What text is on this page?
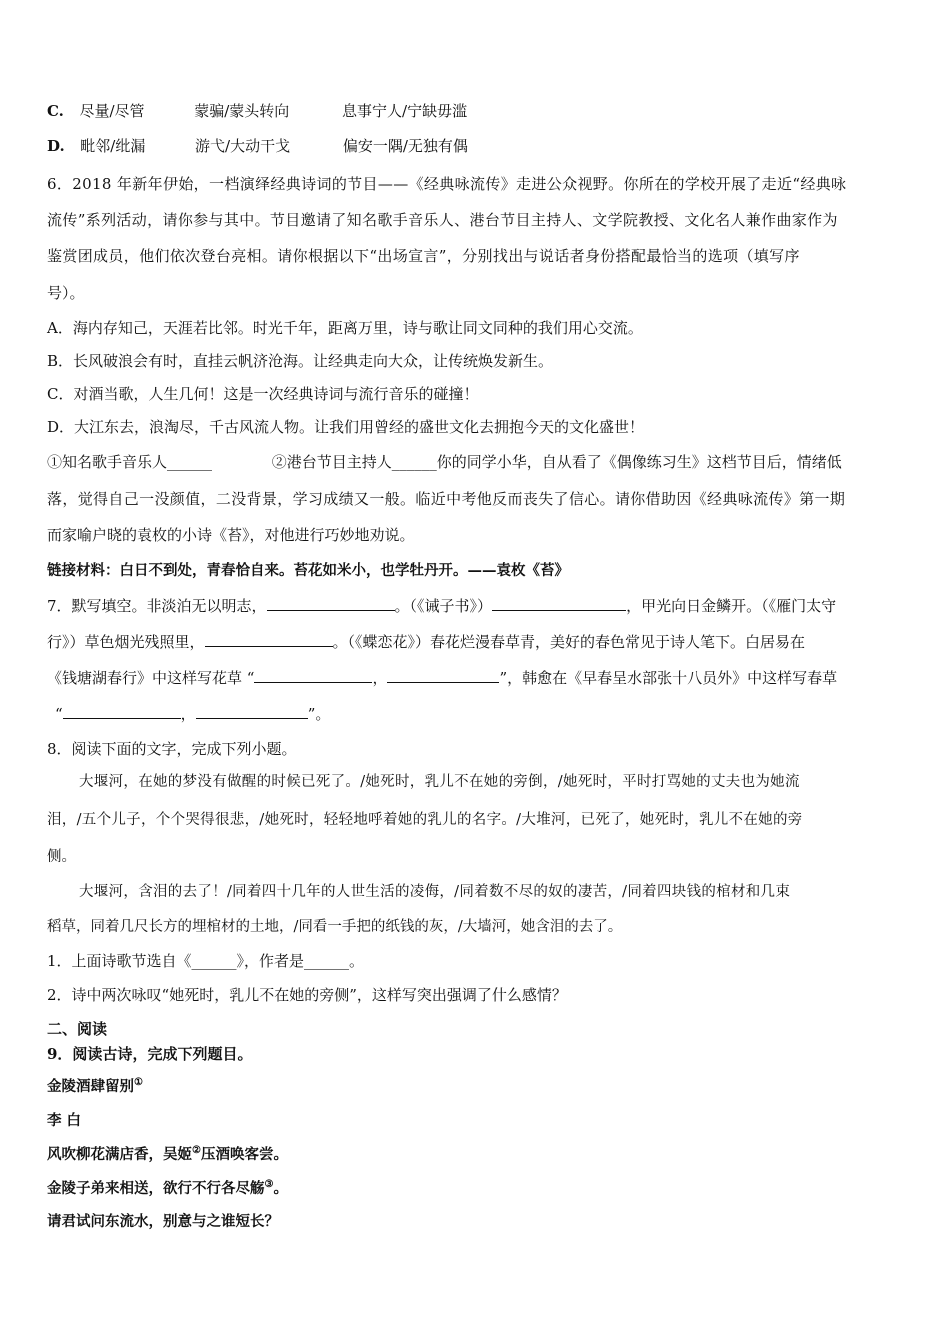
C. 尽量/尽管	蒙骗/蒙头转向	息事宁人/宁缺毋滥
D. 毗邻/纰漏	游弋/大动干戈	偏安一隅/无独有偶
6．2018 年新年伊始，一档演绎经典诗词的节目——《经典咏流传》走进公众视野。你所在的学校开展了走近“经典咏
流传”系列活动，请你参与其中。节目邀请了知名歌手音乐人、港台节目主持人、文学院教授、文化名人兼作曲家作为
鉴赏团成员，他们依次登台亮相。请你根据以下“出场宣言”，分别找出与说话者身份搭配最恰当的选项（填写序
号）。
A．海内存知己，天涯若比邻。时光千年，距离万里，诗与歌让同文同种的我们用心交流。
B．长风破浪会有时，直挂云帆济沧海。让经典走向大众，让传统焕发新生。
C．对酒当歌，人生几何！这是一次经典诗词与流行音乐的碰撞！
D．大江东去，浪淘尽，千古风流人物。让我们用曾经的盛世文化去拥抱今天的文化盛世！
①知名歌手音乐人______	②港台节目主持人______你的同学小华，自从看了《偶像练习生》这档节目后，情绪低
落，觉得自己一没颜值，二没背景，学习成绩又一般。临近中考他反而丧失了信心。请你借助因《经典咏流传》第一期
而家喻户晓的袁枚的小诗《苔》，对他进行巧妙地劝说。
链接材料：白日不到处，青春恰自来。苔花如米小，也学牡丹开。——袁枚《苔》
7．默写填空。非淡泊无以明志，	。（《诫子书》）	，甲光向日金鳞开。（《雁门太守
行》）草色烟光残照里，	。（《蝶恋花》）春花烂漫春草青，美好的春色常见于诗人笔下。白居易在
《钱塘湖春行》中这样写花草 “	，	”，韩愈在《早春呈水部张十八员外》中这样写春草
“	，	”。
8．阅读下面的文字，完成下列小题。
大堰河，在她的梦没有做醒的时候已死了。/她死时，乳儿不在她的旁倒，/她死时，平时打骂她的丈夫也为她流
泪，/五个儿子，个个哭得很悲，/她死时，轻轻地呼着她的乳儿的名字。/大堆河，已死了，她死时，乳儿不在她的旁
侧。
大堰河，含泪的去了！/同着四十几年的人世生活的凌侮，/同着数不尽的奴的凄苦，/同着四块钱的棺材和几束
稻草，同着几尺长方的埋棺材的土地，/同看一手把的纸钱的灰，/大墙河，她含泪的去了。
1．上面诗歌节选自《______》，作者是______。
2．诗中两次咏叹“她死时，乳儿不在她的旁侧”，这样写突出强调了什么感情？
二、阅读
9．阅读古诗，完成下列题目。
金陵酒肆留别①
李 白
风吹柳花满店香，吴姬②压酒唤客尝。
金陵子弟来相送，欲行不行各尽觞③。
请君试问东流水，别意与之谁短长？
